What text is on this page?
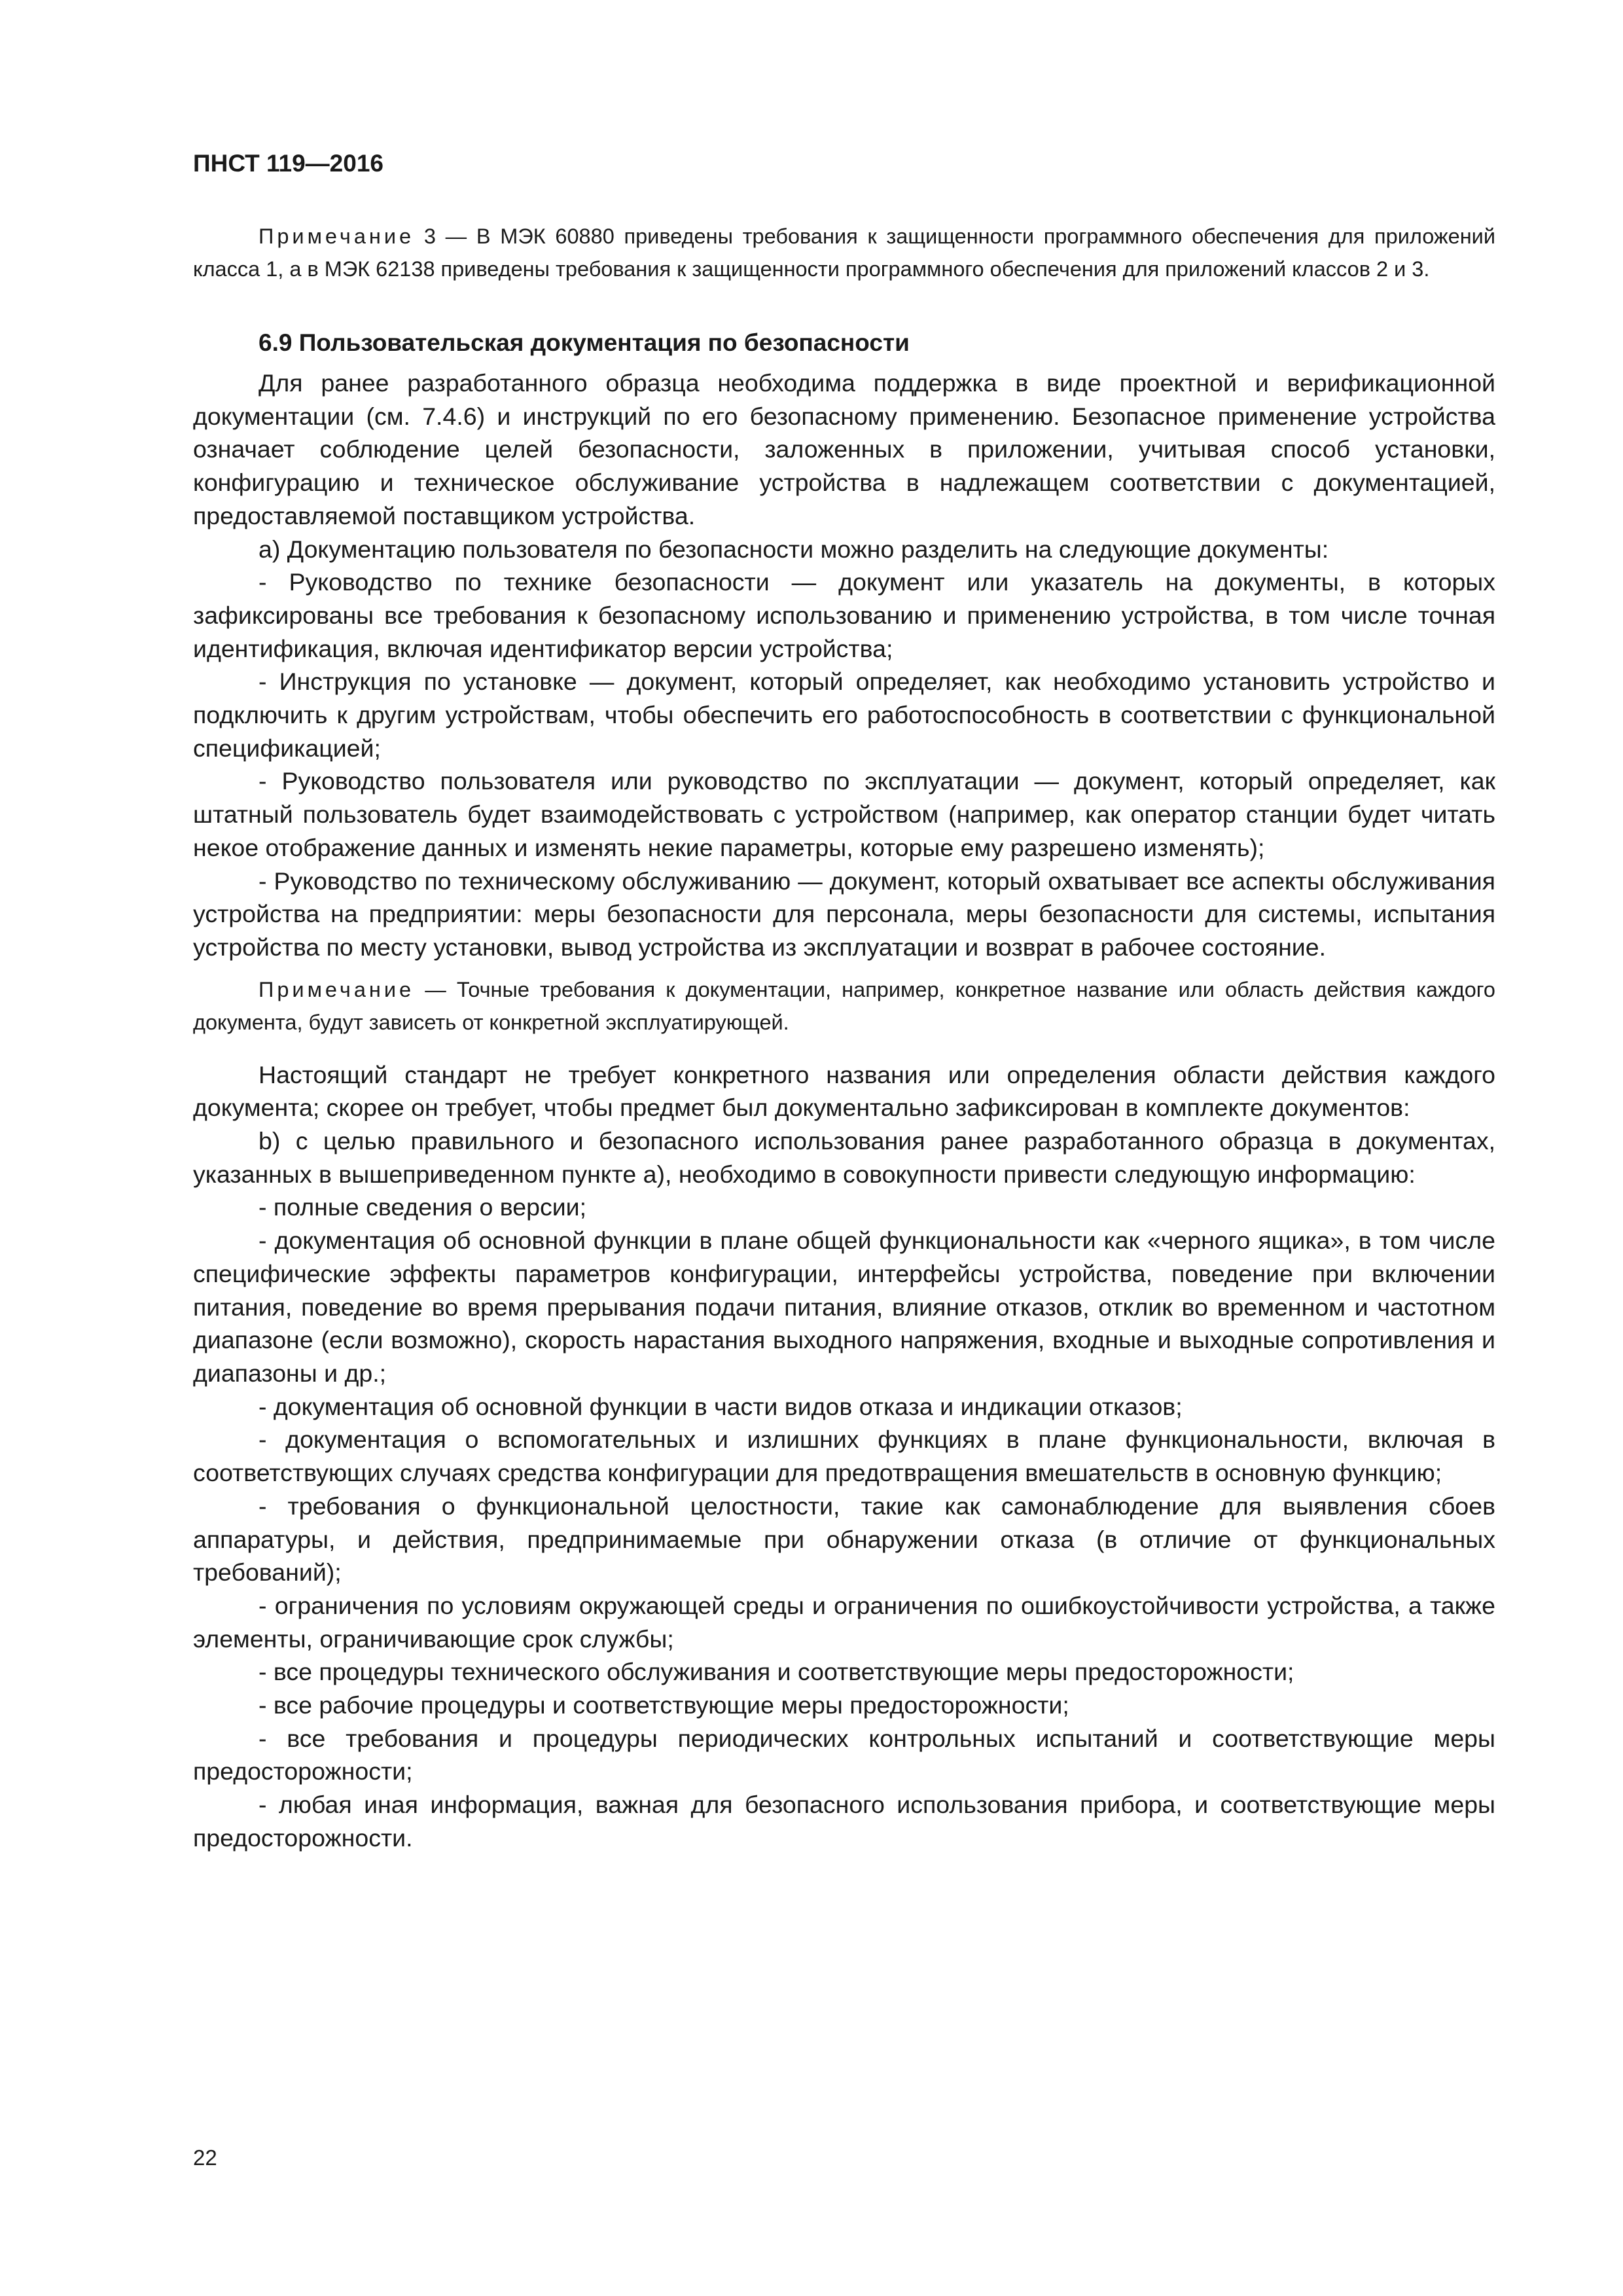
ПНСТ 119—2016

Примечание 3 — В МЭК 60880 приведены требования к защищенности программного обеспечения для приложений класса 1, а в МЭК 62138 приведены требования к защищенности программного обеспечения для приложений классов 2 и 3.

6.9 Пользовательская документация по безопасности

Для ранее разработанного образца необходима поддержка в виде проектной и верификационной документации (см. 7.4.6) и инструкций по его безопасному применению. Безопасное применение устройства означает соблюдение целей безопасности, заложенных в приложении, учитывая способ установки, конфигурацию и техническое обслуживание устройства в надлежащем соответствии с документацией, предоставляемой поставщиком устройства.

а) Документацию пользователя по безопасности можно разделить на следующие документы:

- Руководство по технике безопасности — документ или указатель на документы, в которых зафиксированы все требования к безопасному использованию и применению устройства, в том числе точная идентификация, включая идентификатор версии устройства;

- Инструкция по установке — документ, который определяет, как необходимо установить устройство и подключить к другим устройствам, чтобы обеспечить его работоспособность в соответствии с функциональной спецификацией;

- Руководство пользователя или руководство по эксплуатации — документ, который определяет, как штатный пользователь будет взаимодействовать с устройством (например, как оператор станции будет читать некое отображение данных и изменять некие параметры, которые ему разрешено изменять);

- Руководство по техническому обслуживанию — документ, который охватывает все аспекты обслуживания устройства на предприятии: меры безопасности для персонала, меры безопасности для системы, испытания устройства по месту установки, вывод устройства из эксплуатации и возврат в рабочее состояние.

Примечание — Точные требования к документации, например, конкретное название или область действия каждого документа, будут зависеть от конкретной эксплуатирующей.

Настоящий стандарт не требует конкретного названия или определения области действия каждого документа; скорее он требует, чтобы предмет был документально зафиксирован в комплекте документов:

b) с целью правильного и безопасного использования ранее разработанного образца в документах, указанных в вышеприведенном пункте а), необходимо в совокупности привести следующую информацию:

- полные сведения о версии;

- документация об основной функции в плане общей функциональности как «черного ящика», в том числе специфические эффекты параметров конфигурации, интерфейсы устройства, поведение при включении питания, поведение во время прерывания подачи питания, влияние отказов, отклик во временном и частотном диапазоне (если возможно), скорость нарастания выходного напряжения, входные и выходные сопротивления и диапазоны и др.;

- документация об основной функции в части видов отказа и индикации отказов;

- документация о вспомогательных и излишних функциях в плане функциональности, включая в соответствующих случаях средства конфигурации для предотвращения вмешательств в основную функцию;

- требования о функциональной целостности, такие как самонаблюдение для выявления сбоев аппаратуры, и действия, предпринимаемые при обнаружении отказа (в отличие от функциональных требований);

- ограничения по условиям окружающей среды и ограничения по ошибкоустойчивости устройства, а также элементы, ограничивающие срок службы;

- все процедуры технического обслуживания и соответствующие меры предосторожности;

- все рабочие процедуры и соответствующие меры предосторожности;

- все требования и процедуры периодических контрольных испытаний и соответствующие меры предосторожности;

- любая иная информация, важная для безопасного использования прибора, и соответствующие меры предосторожности.

22
